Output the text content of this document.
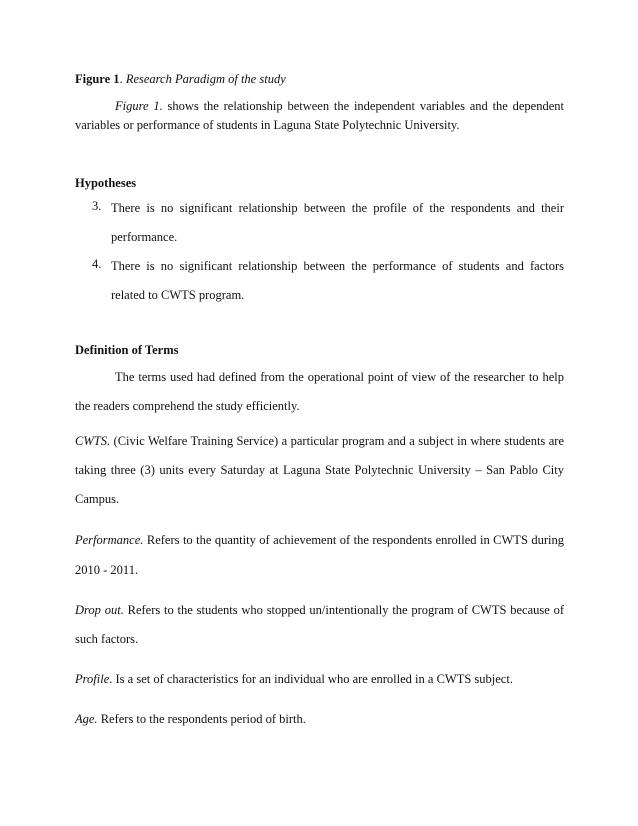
Figure 1. Research Paradigm of the study
Figure 1. shows the relationship between the independent variables and the dependent
variables or performance of students in Laguna State Polytechnic University.
Hypotheses
3. There is no significant relationship between the profile of the respondents and their
performance.
4. There is no significant relationship between the performance of students and factors
related to CWTS program.
Definition of Terms
The terms used had defined from the operational point of view of the researcher to help
the readers comprehend the study efficiently.
CWTS. (Civic Welfare Training Service) a particular program and a subject in where students are
taking three (3) units every Saturday at Laguna State Polytechnic University – San Pablo City
Campus.
Performance. Refers to the quantity of achievement of the respondents enrolled in CWTS during
2010 - 2011.
Drop out. Refers to the students who stopped un/intentionally the program of CWTS because of
such factors.
Profile. Is a set of characteristics for an individual who are enrolled in a CWTS subject.
Age. Refers to the respondents period of birth.
